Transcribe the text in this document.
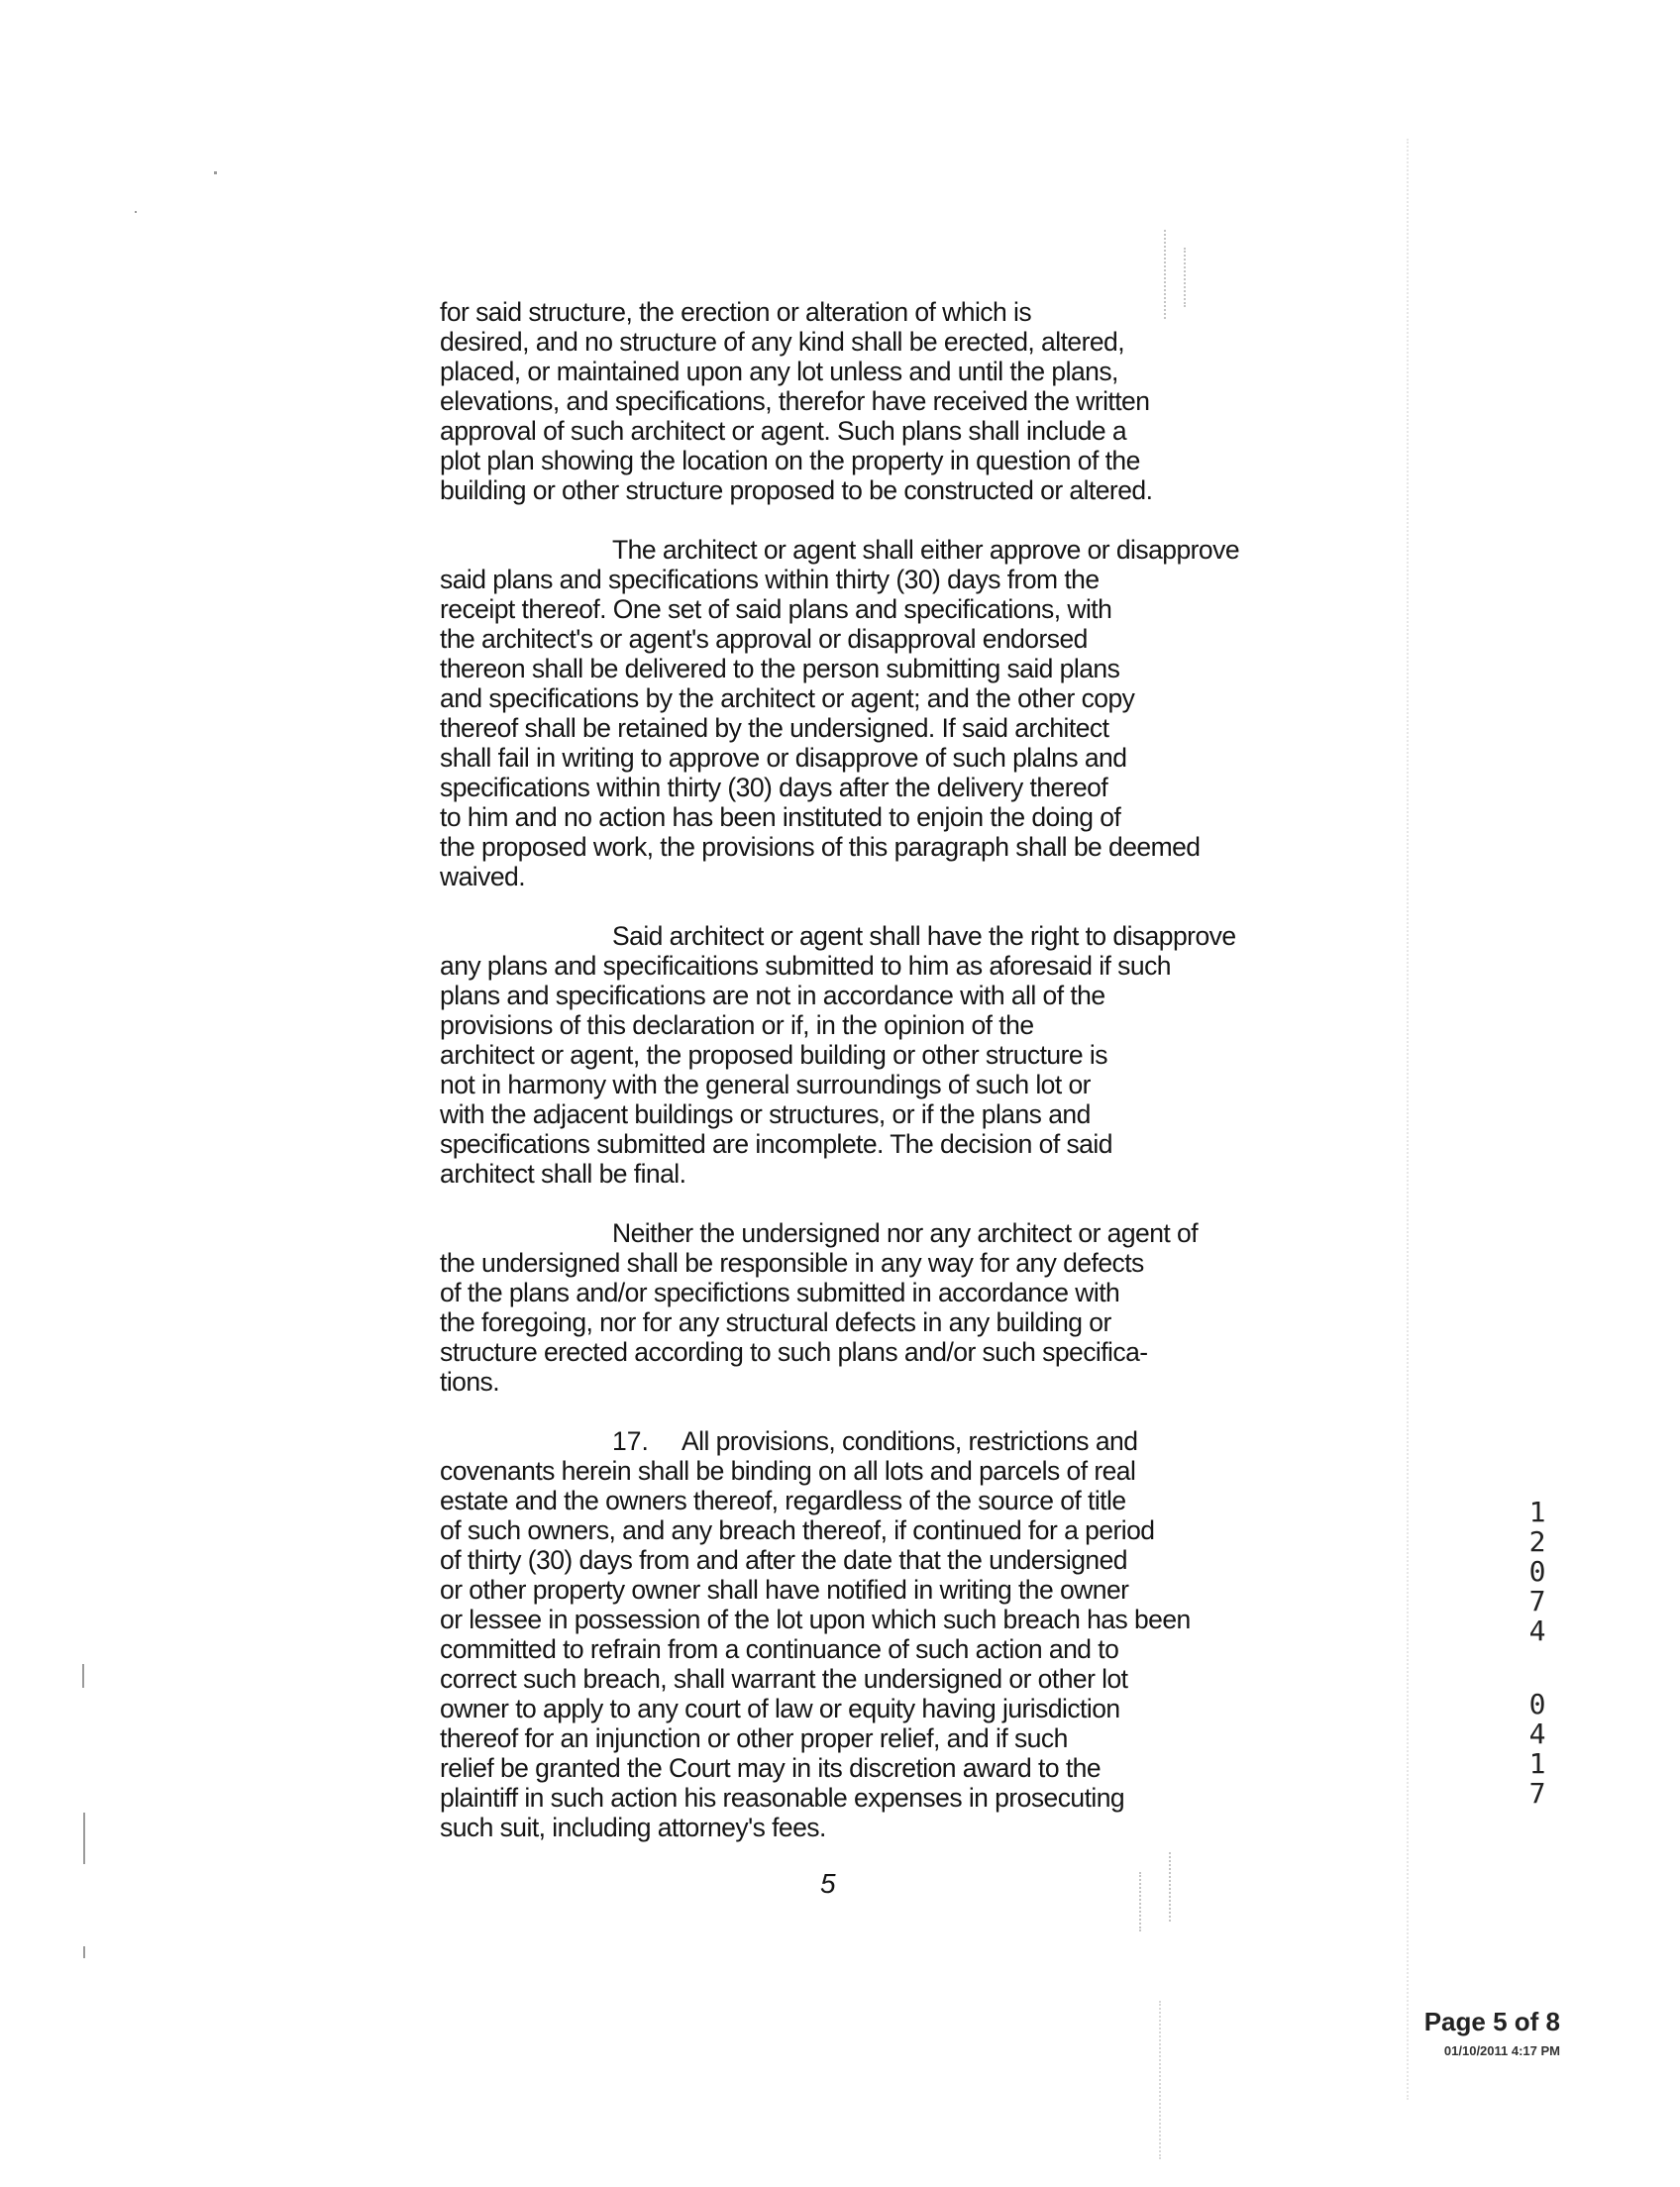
for said structure, the erection or alteration of which is
desired, and no structure of any kind shall be erected, altered,
placed, or maintained upon any lot unless and until the plans,
elevations, and specifications, therefor have received the written
approval of such architect or agent. Such plans shall include a
plot plan showing the location on the property in question of the
building or other structure proposed to be constructed or altered.
The architect or agent shall either approve or disapprove
said plans and specifications within thirty (30) days from the
receipt thereof. One set of said plans and specifications, with
the architect's or agent's approval or disapproval endorsed
thereon shall be delivered to the person submitting said plans
and specifications by the architect or agent; and the other copy
thereof shall be retained by the undersigned. If said architect
shall fail in writing to approve or disapprove of such plalns and
specifications within thirty (30) days after the delivery thereof
to him and no action has been instituted to enjoin the doing of
the proposed work, the provisions of this paragraph shall be deemed
waived.
Said architect or agent shall have the right to disapprove
any plans and specificaitions submitted to him as aforesaid if such
plans and specifications are not in accordance with all of the
provisions of this declaration or if, in the opinion of the
architect or agent, the proposed building or other structure is
not in harmony with the general surroundings of such lot or
with the adjacent buildings or structures, or if the plans and
specifications submitted are incomplete. The decision of said
architect shall be final.
Neither the undersigned nor any architect or agent of
the undersigned shall be responsible in any way for any defects
of the plans and/or specifictions submitted in accordance with
the foregoing, nor for any structural defects in any building or
structure erected according to such plans and/or such specifica-
tions.
17. All provisions, conditions, restrictions and
covenants herein shall be binding on all lots and parcels of real
estate and the owners thereof, regardless of the source of title
of such owners, and any breach thereof, if continued for a period
of thirty (30) days from and after the date that the undersigned
or other property owner shall have notified in writing the owner
or lessee in possession of the lot upon which such breach has been
committed to refrain from a continuance of such action and to
correct such breach, shall warrant the undersigned or other lot
owner to apply to any court of law or equity having jurisdiction
thereof for an injunction or other proper relief, and if such
relief be granted the Court may in its discretion award to the
plaintiff in such action his reasonable expenses in prosecuting
such suit, including attorney's fees.
5
1
2
0
7
4
0
4
1
7
Page 5 of 8
01/10/2011 4:17 PM
